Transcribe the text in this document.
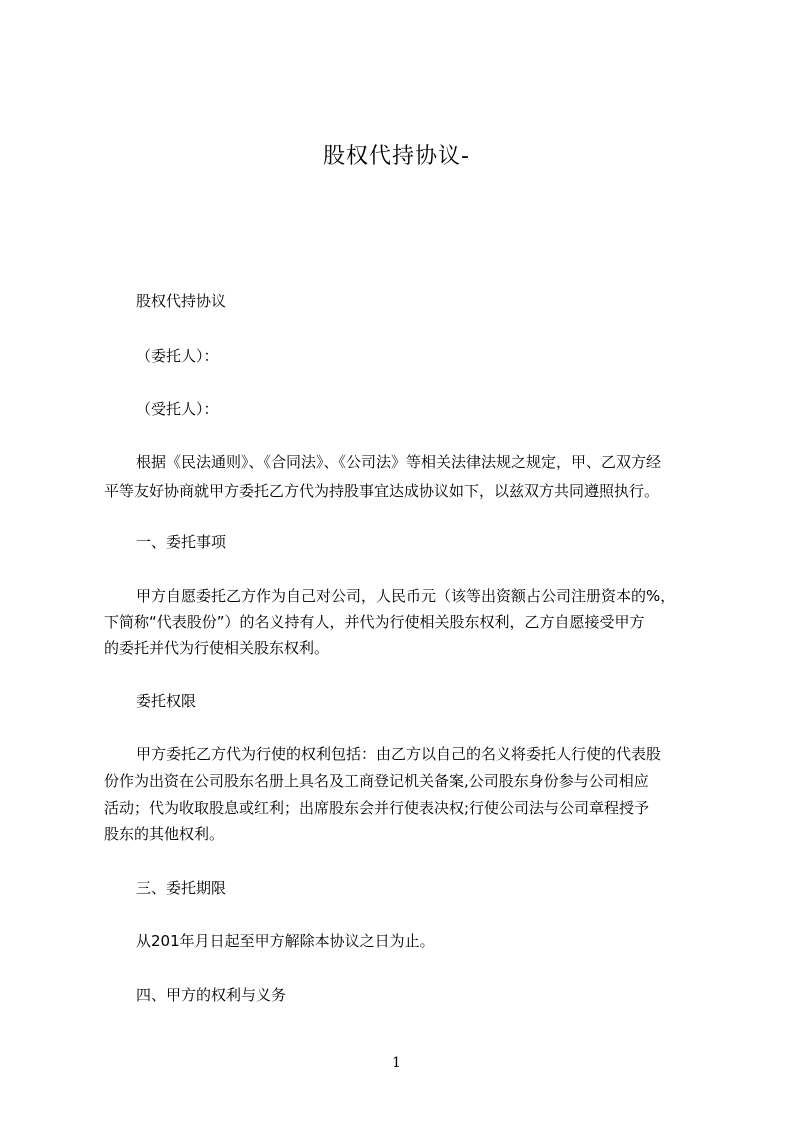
股权代持协议-
股权代持协议
（委托人）：
（受托人）：
根据《民法通则》、《合同法》、《公司法》等相关法律法规之规定，甲、乙双方经
平等友好协商就甲方委托乙方代为持股事宜达成协议如下，以兹双方共同遵照执行。
一、委托事项
甲方自愿委托乙方作为自己对公司，人民币元（该等出资额占公司注册资本的%，
下简称“代表股份”）的名义持有人，并代为行使相关股东权利，乙方自愿接受甲方
的委托并代为行使相关股东权利。
委托权限
甲方委托乙方代为行使的权利包括：由乙方以自己的名义将委托人行使的代表股
份作为出资在公司股东名册上具名及工商登记机关备案,公司股东身份参与公司相应
活动；代为收取股息或红利；出席股东会并行使表决权;行使公司法与公司章程授予
股东的其他权利。
三、委托期限
从201年月日起至甲方解除本协议之日为止。
四、甲方的权利与义务
1
